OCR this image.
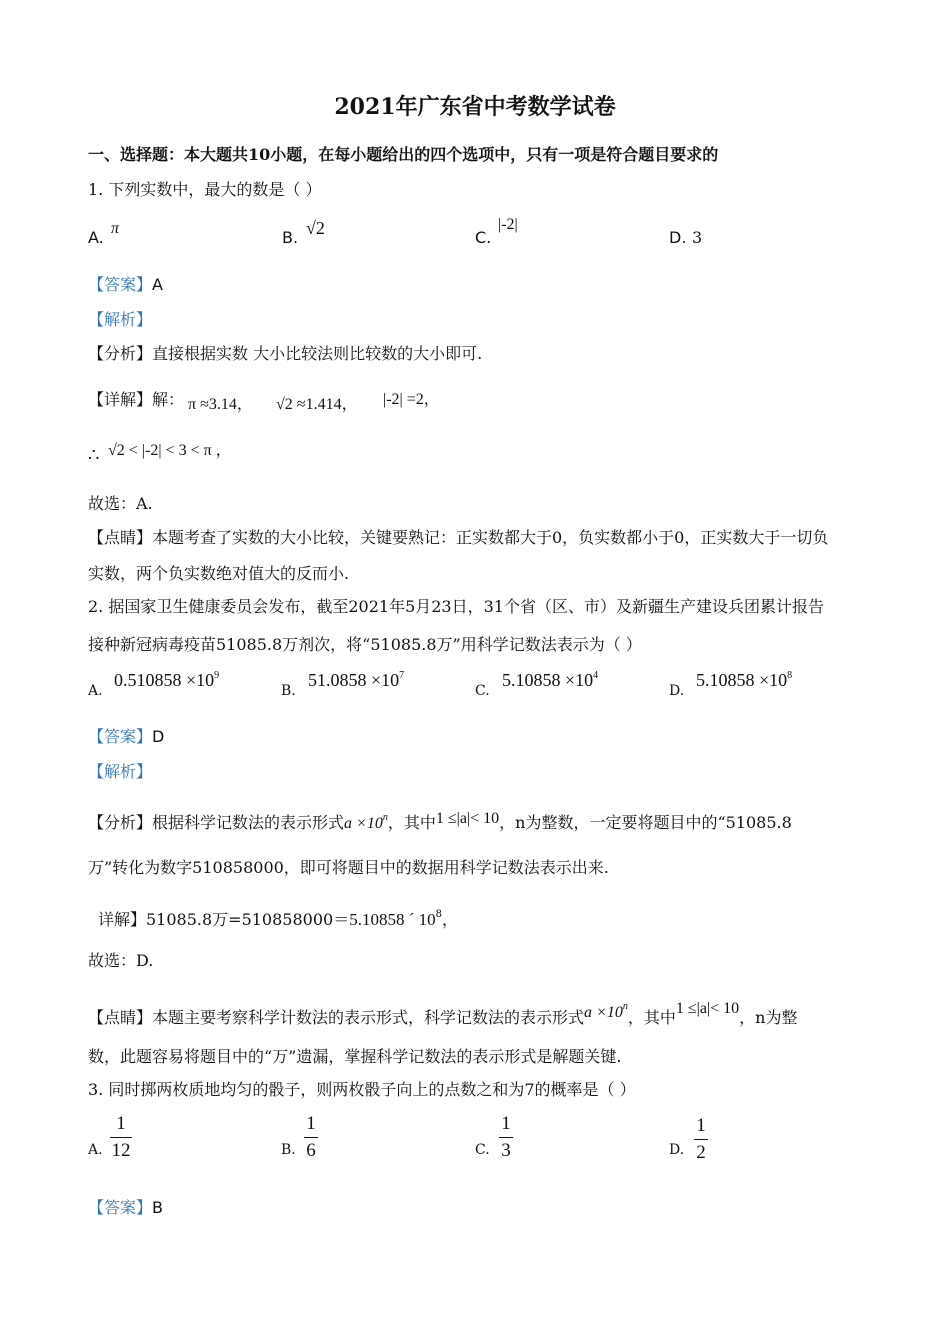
2021年广东省中考数学试卷
一、选择题：本大题共10小题，在每小题给出的四个选项中，只有一项是符合题目要求的
1. 下列实数中，最大的数是（ ）
A. π	B. √2	C.
|-2|
D. 3
【答案】A
【解析】
【分析】直接根据实数 大小比较法则比较数的大小即可.
【详解】解： π ≈3.14， √2 ≈1.414， |-2| =2，
∴ √2 < |-2| < 3 < π ，
故选：A.
【点睛】本题考查了实数的大小比较，关键要熟记：正实数都大于0，负实数都小于0，正实数大于一切负
实数，两个负实数绝对值大的反而小.
2. 据国家卫生健康委员会发布，截至2021年5月23日，31个省（区、市）及新疆生产建设兵团累计报告
接种新冠病毒疫苗51085.8万剂次，将“51085.8万”用科学记数法表示为（ ）
A.
$0.510858 \times 10^9$
B.
$51.0858 \times 10^7$
C.
$5.10858 \times 10^4$
D.
$5.10858 \times 10^8$
【答案】D
【解析】
【分析】根据科学记数法的表示形式$a \times 10^n$，其中1 ≤|a|< 10，n为整数，一定要将题目中的“51085.8
万”转化为数字510858000，即可将题目中的数据用科学记数法表示出来.
详解】51085.8万=510858000＝5.10858 ´ $10^8$，
故选：D.
【点睛】本题主要考察科学计数法的表示形式，科学记数法的表示形式$a \times 10^n$，其中1 ≤|a|< 10，n为整
数，此题容易将题目中的“万”遗漏，掌握科学记数法的表示形式是解题关键.
3. 同时掷两枚质地均匀的骰子，则两枚骰子向上的点数之和为7的概率是（ ）
A.
1
12	B.
1
6	C.
1
3	D.
1
2
【答案】B
